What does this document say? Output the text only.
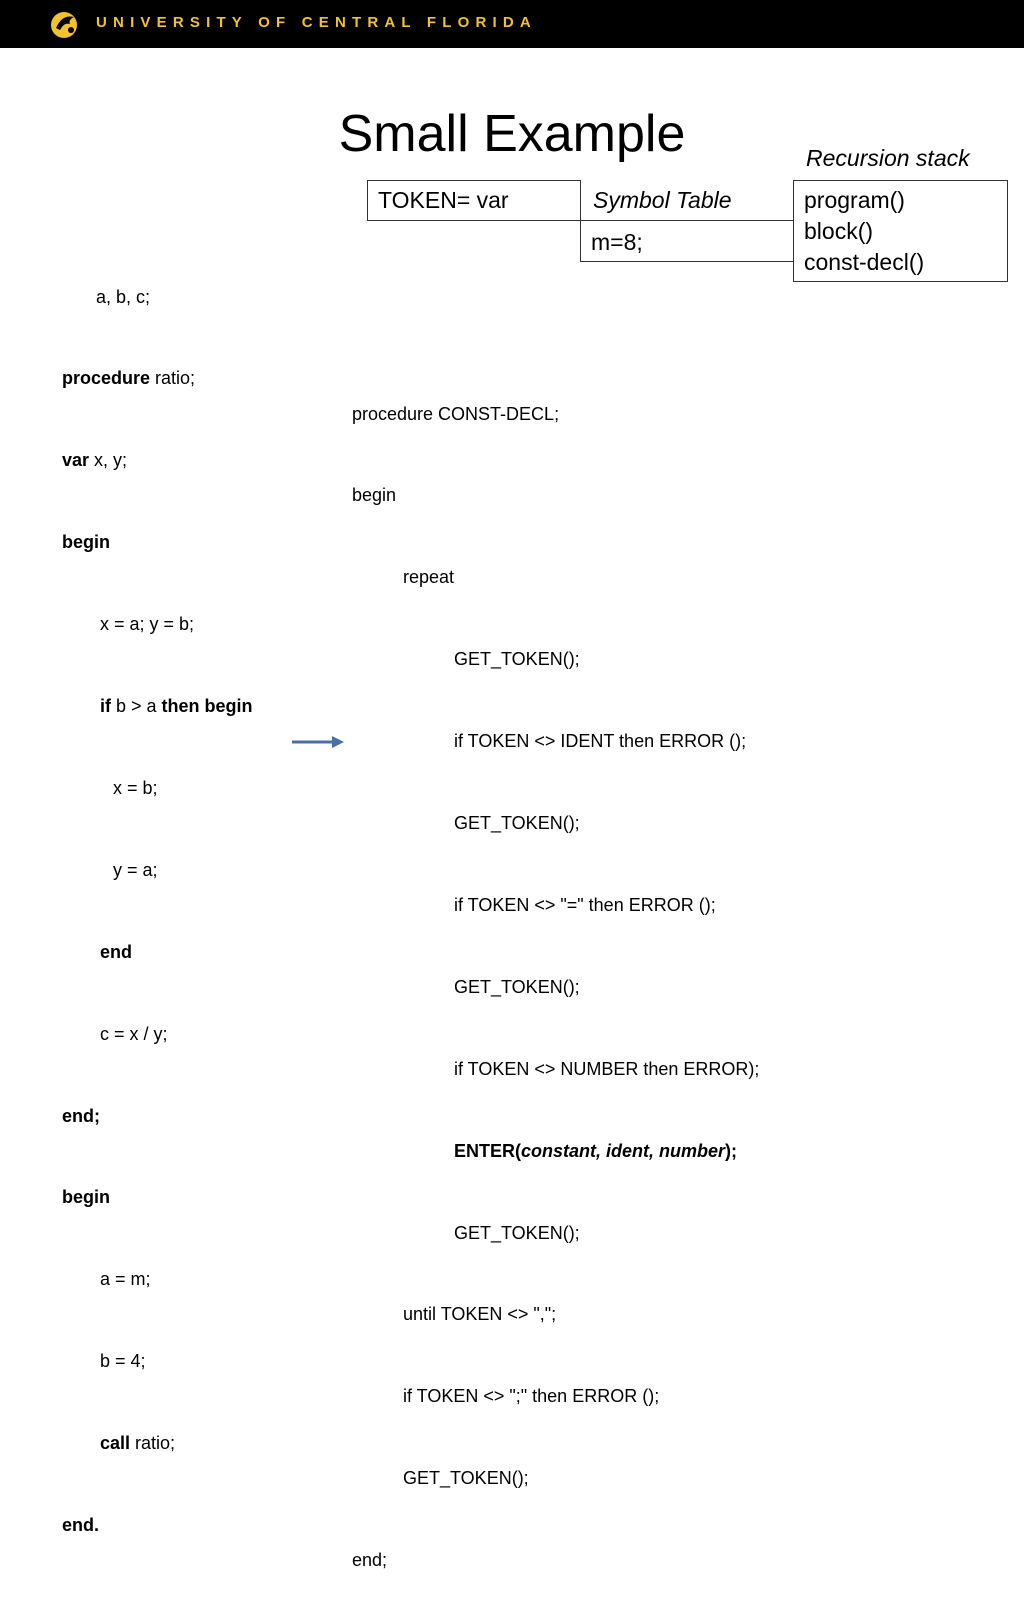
UNIVERSITY OF CENTRAL FLORIDA
Small Example	Recursion stack
TOKEN= var	Symbol Table
m=8;
program()
block()
const-decl()

a, b, c;

procedure ratio;

var x, y;

begin

x = a; y = b;

if b > a then begin

x = b;

y = a;

end

c = x / y;

end;

begin

a = m;

b = 4;

call ratio;

end.

procedure CONST-DECL;

begin

repeat

GET_TOKEN();

if TOKEN <> IDENT then ERROR ();

GET_TOKEN();

if TOKEN <> "=" then ERROR ();

GET_TOKEN();

if TOKEN <> NUMBER then ERROR);

ENTER(constant, ident, number);

GET_TOKEN();

until TOKEN <> ",";

if TOKEN <> ";" then ERROR ();

GET_TOKEN();

end;
